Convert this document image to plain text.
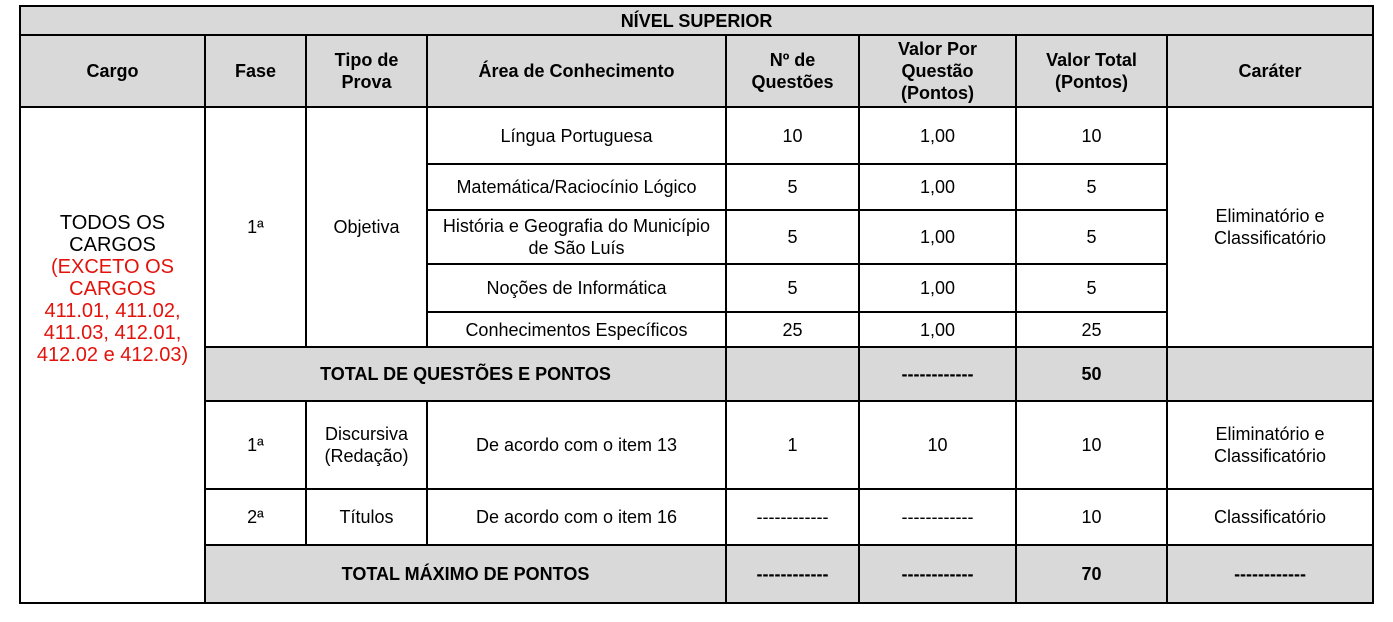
NÍVEL SUPERIOR							
Cargo	Fase	Tipo de Prova	Área de Conhecimento	Nº de Questões	Valor Por Questão (Pontos)	Valor Total (Pontos)	Caráter
TODOS OS CARGOS
(EXCETO OS CARGOS
411.01, 411.02, 411.03, 412.01, 412.02 e 412.03)	1ª	Objetiva	Língua Portuguesa	10	1,00	10	Eliminatório e Classificatório
			Matemática/Raciocínio Lógico	5	1,00	5	
			História e Geografia do Município de São Luís	5	1,00	5	
			Noções de Informática	5	1,00	5	
			Conhecimentos Específicos	25	1,00	25	
	TOTAL DE QUESTÕES E PONTOS				------------	50	
	1ª	Discursiva (Redação)	De acordo com o item 13	1	10	10	Eliminatório e Classificatório
	2ª	Títulos	De acordo com o item 16	------------	------------	10	Classificatório
	TOTAL MÁXIMO DE PONTOS			------------	------------	70	------------
